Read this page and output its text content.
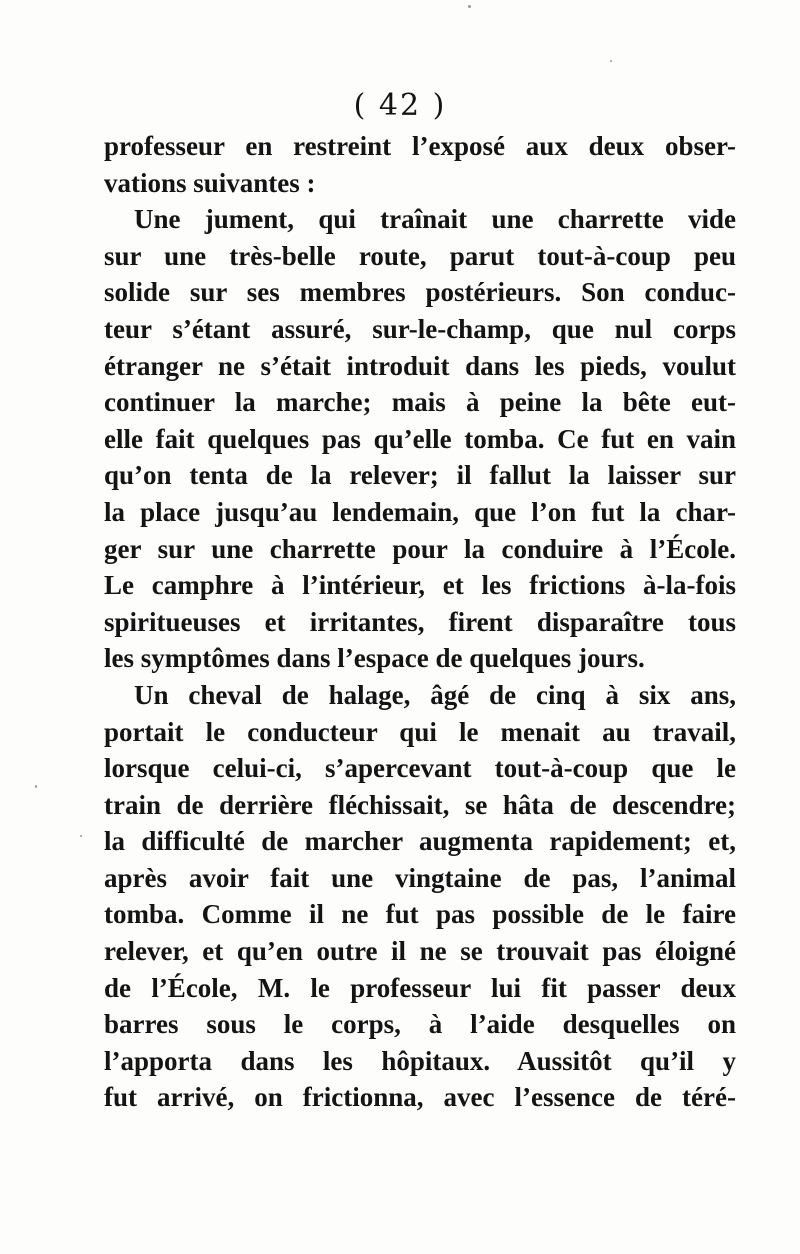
( 42 )
professeur en restreint l’exposé aux deux obser-
vations suivantes :
Une jument, qui traînait une charrette vide
sur une très-belle route, parut tout-à-coup peu
solide sur ses membres postérieurs. Son conduc-
teur s’étant assuré, sur-le-champ, que nul corps
étranger ne s’était introduit dans les pieds, voulut
continuer la marche; mais à peine la bête eut-
elle fait quelques pas qu’elle tomba. Ce fut en vain
qu’on tenta de la relever; il fallut la laisser sur
la place jusqu’au lendemain, que l’on fut la char-
ger sur une charrette pour la conduire à l’École.
Le camphre à l’intérieur, et les frictions à-la-fois
spiritueuses et irritantes, firent disparaître tous
les symptômes dans l’espace de quelques jours.
Un cheval de halage, âgé de cinq à six ans,
portait le conducteur qui le menait au travail,
lorsque celui-ci, s’apercevant tout-à-coup que le
train de derrière fléchissait, se hâta de descendre;
la difficulté de marcher augmenta rapidement; et,
après avoir fait une vingtaine de pas, l’animal
tomba. Comme il ne fut pas possible de le faire
relever, et qu’en outre il ne se trouvait pas éloigné
de l’École, M. le professeur lui fit passer deux
barres sous le corps, à l’aide desquelles on
l’apporta dans les hôpitaux. Aussitôt qu’il y
fut arrivé, on frictionna, avec l’essence de téré-
